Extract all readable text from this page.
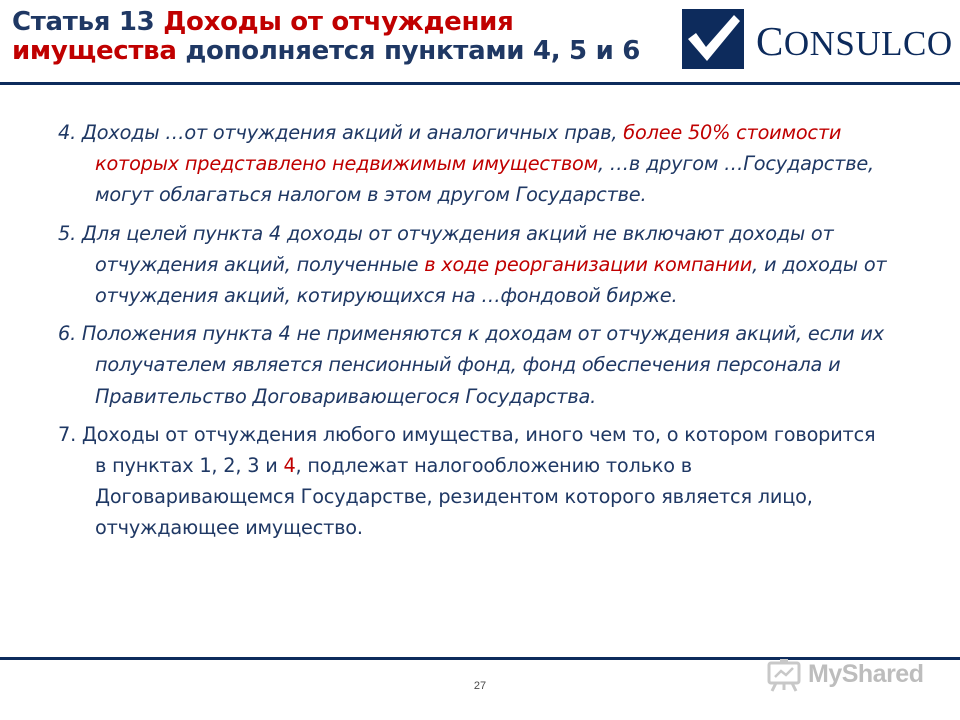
Статья 13 Доходы от отчуждения имущества дополняется пунктами 4, 5 и 6	CONSULCO

4. Доходы …от отчуждения акций и аналогичных прав, более 50% стоимости которых представлено недвижимым имуществом, …в другом …Государстве, могут облагаться налогом в этом другом Государстве.

5. Для целей пункта 4 доходы от отчуждения акций не включают доходы от отчуждения акций, полученные в ходе реорганизации компании, и доходы от отчуждения акций, котирующихся на …фондовой бирже.

6. Положения пункта 4 не применяются к доходам от отчуждения акций, если их получателем является пенсионный фонд, фонд обеспечения персонала и Правительство Договаривающегося Государства.

7. Доходы от отчуждения любого имущества, иного чем то, о котором говорится в пунктах 1, 2, 3 и 4, подлежат налогообложению только в Договаривающемся Государстве, резидентом которого является лицо, отчуждающее имущество.

27	MyShared
